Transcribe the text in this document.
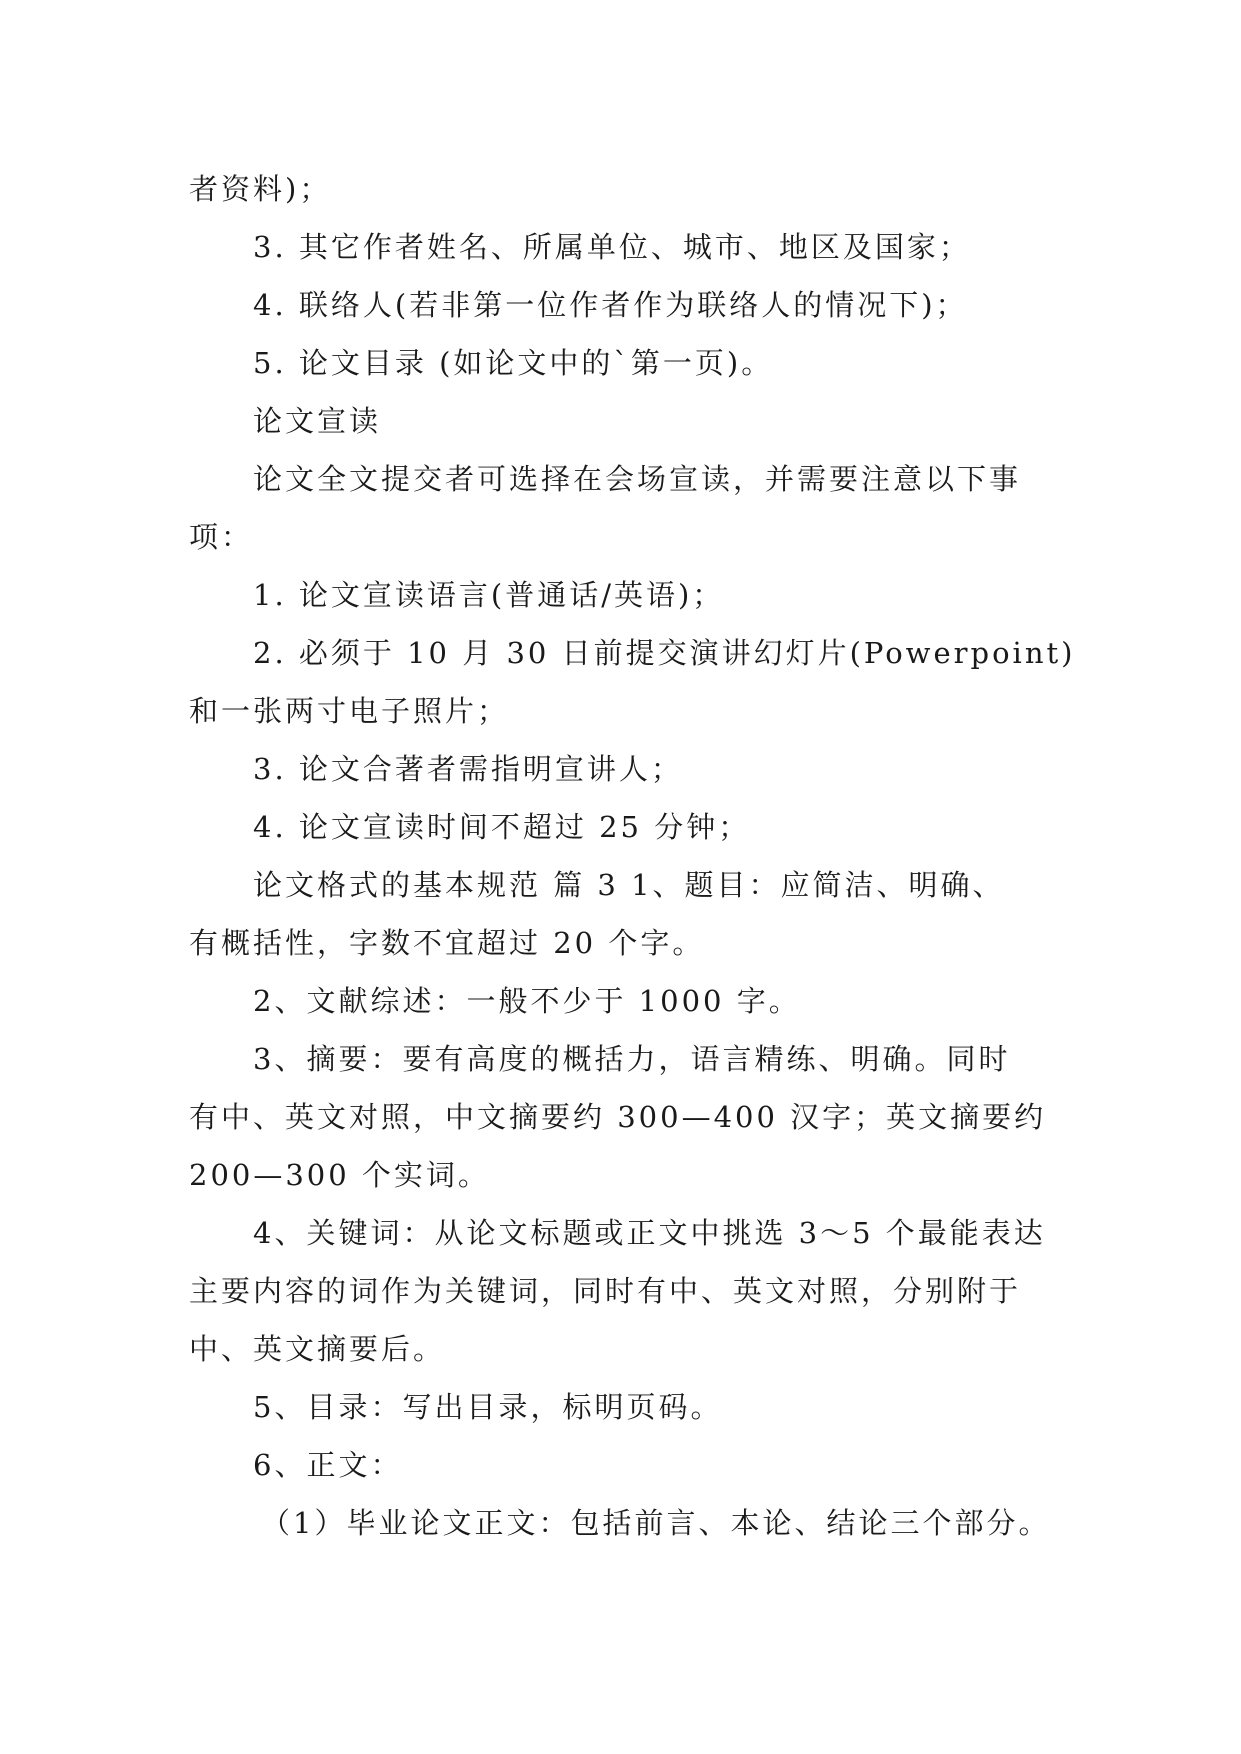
者资料)；
3. 其它作者姓名、所属单位、城市、地区及国家；
4. 联络人(若非第一位作者作为联络人的情况下)；
5. 论文目录 (如论文中的`第一页)。
论文宣读
论文全文提交者可选择在会场宣读，并需要注意以下事
项：
1. 论文宣读语言(普通话/英语)；
2. 必须于 10 月 30 日前提交演讲幻灯片(Powerpoint)
和一张两寸电子照片；
3. 论文合著者需指明宣讲人；
4. 论文宣读时间不超过 25 分钟；
论文格式的基本规范 篇 3 1、题目：应简洁、明确、
有概括性，字数不宜超过 20 个字。
2、文献综述：一般不少于 1000 字。
3、摘要：要有高度的概括力，语言精练、明确。同时
有中、英文对照，中文摘要约 300—400 汉字；英文摘要约
200—300 个实词。
4、关键词：从论文标题或正文中挑选 3～5 个最能表达
主要内容的词作为关键词，同时有中、英文对照，分别附于
中、英文摘要后。
5、目录：写出目录，标明页码。
6、正文：
（1）毕业论文正文：包括前言、本论、结论三个部分。
